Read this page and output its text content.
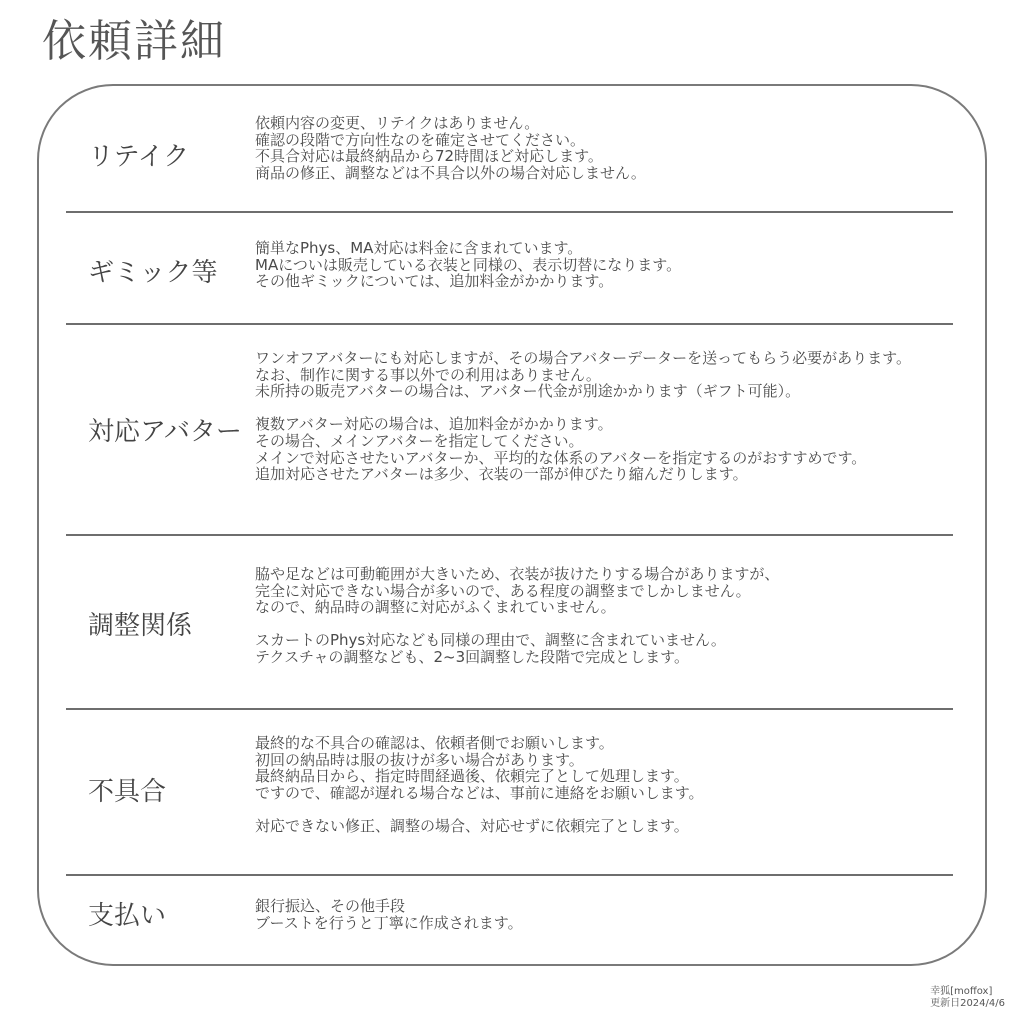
依頼詳細
リテイク
依頼内容の変更、リテイクはありません。
確認の段階で方向性なのを確定させてください。
不具合対応は最終納品から72時間ほど対応します。
商品の修正、調整などは不具合以外の場合対応しません。
ギミック等
簡単なPhys、MA対応は料金に含まれています。
MAについは販売している衣装と同様の、表示切替になります。
その他ギミックについては、追加料金がかかります。
対応アバター
ワンオフアバターにも対応しますが、その場合アバターデーターを送ってもらう必要があります。
なお、制作に関する事以外での利用はありません。
未所持の販売アバターの場合は、アバター代金が別途かかります（ギフト可能）。
複数アバター対応の場合は、追加料金がかかります。
その場合、メインアバターを指定してください。
メインで対応させたいアバターか、平均的な体系のアバターを指定するのがおすすめです。
追加対応させたアバターは多少、衣装の一部が伸びたり縮んだりします。
調整関係
脇や足などは可動範囲が大きいため、衣装が抜けたりする場合がありますが、
完全に対応できない場合が多いので、ある程度の調整までしかしません。
なので、納品時の調整に対応がふくまれていません。
スカートのPhys対応なども同様の理由で、調整に含まれていません。
テクスチャの調整なども、2~3回調整した段階で完成とします。
不具合
最終的な不具合の確認は、依頼者側でお願いします。
初回の納品時は服の抜けが多い場合があります。
最終納品日から、指定時間経過後、依頼完了として処理します。
ですので、確認が遅れる場合などは、事前に連絡をお願いします。
対応できない修正、調整の場合、対応せずに依頼完了とします。
支払い	銀行振込、その他手段
ブーストを行うと丁寧に作成されます。
幸狐[moffox]
更新日2024/4/6
